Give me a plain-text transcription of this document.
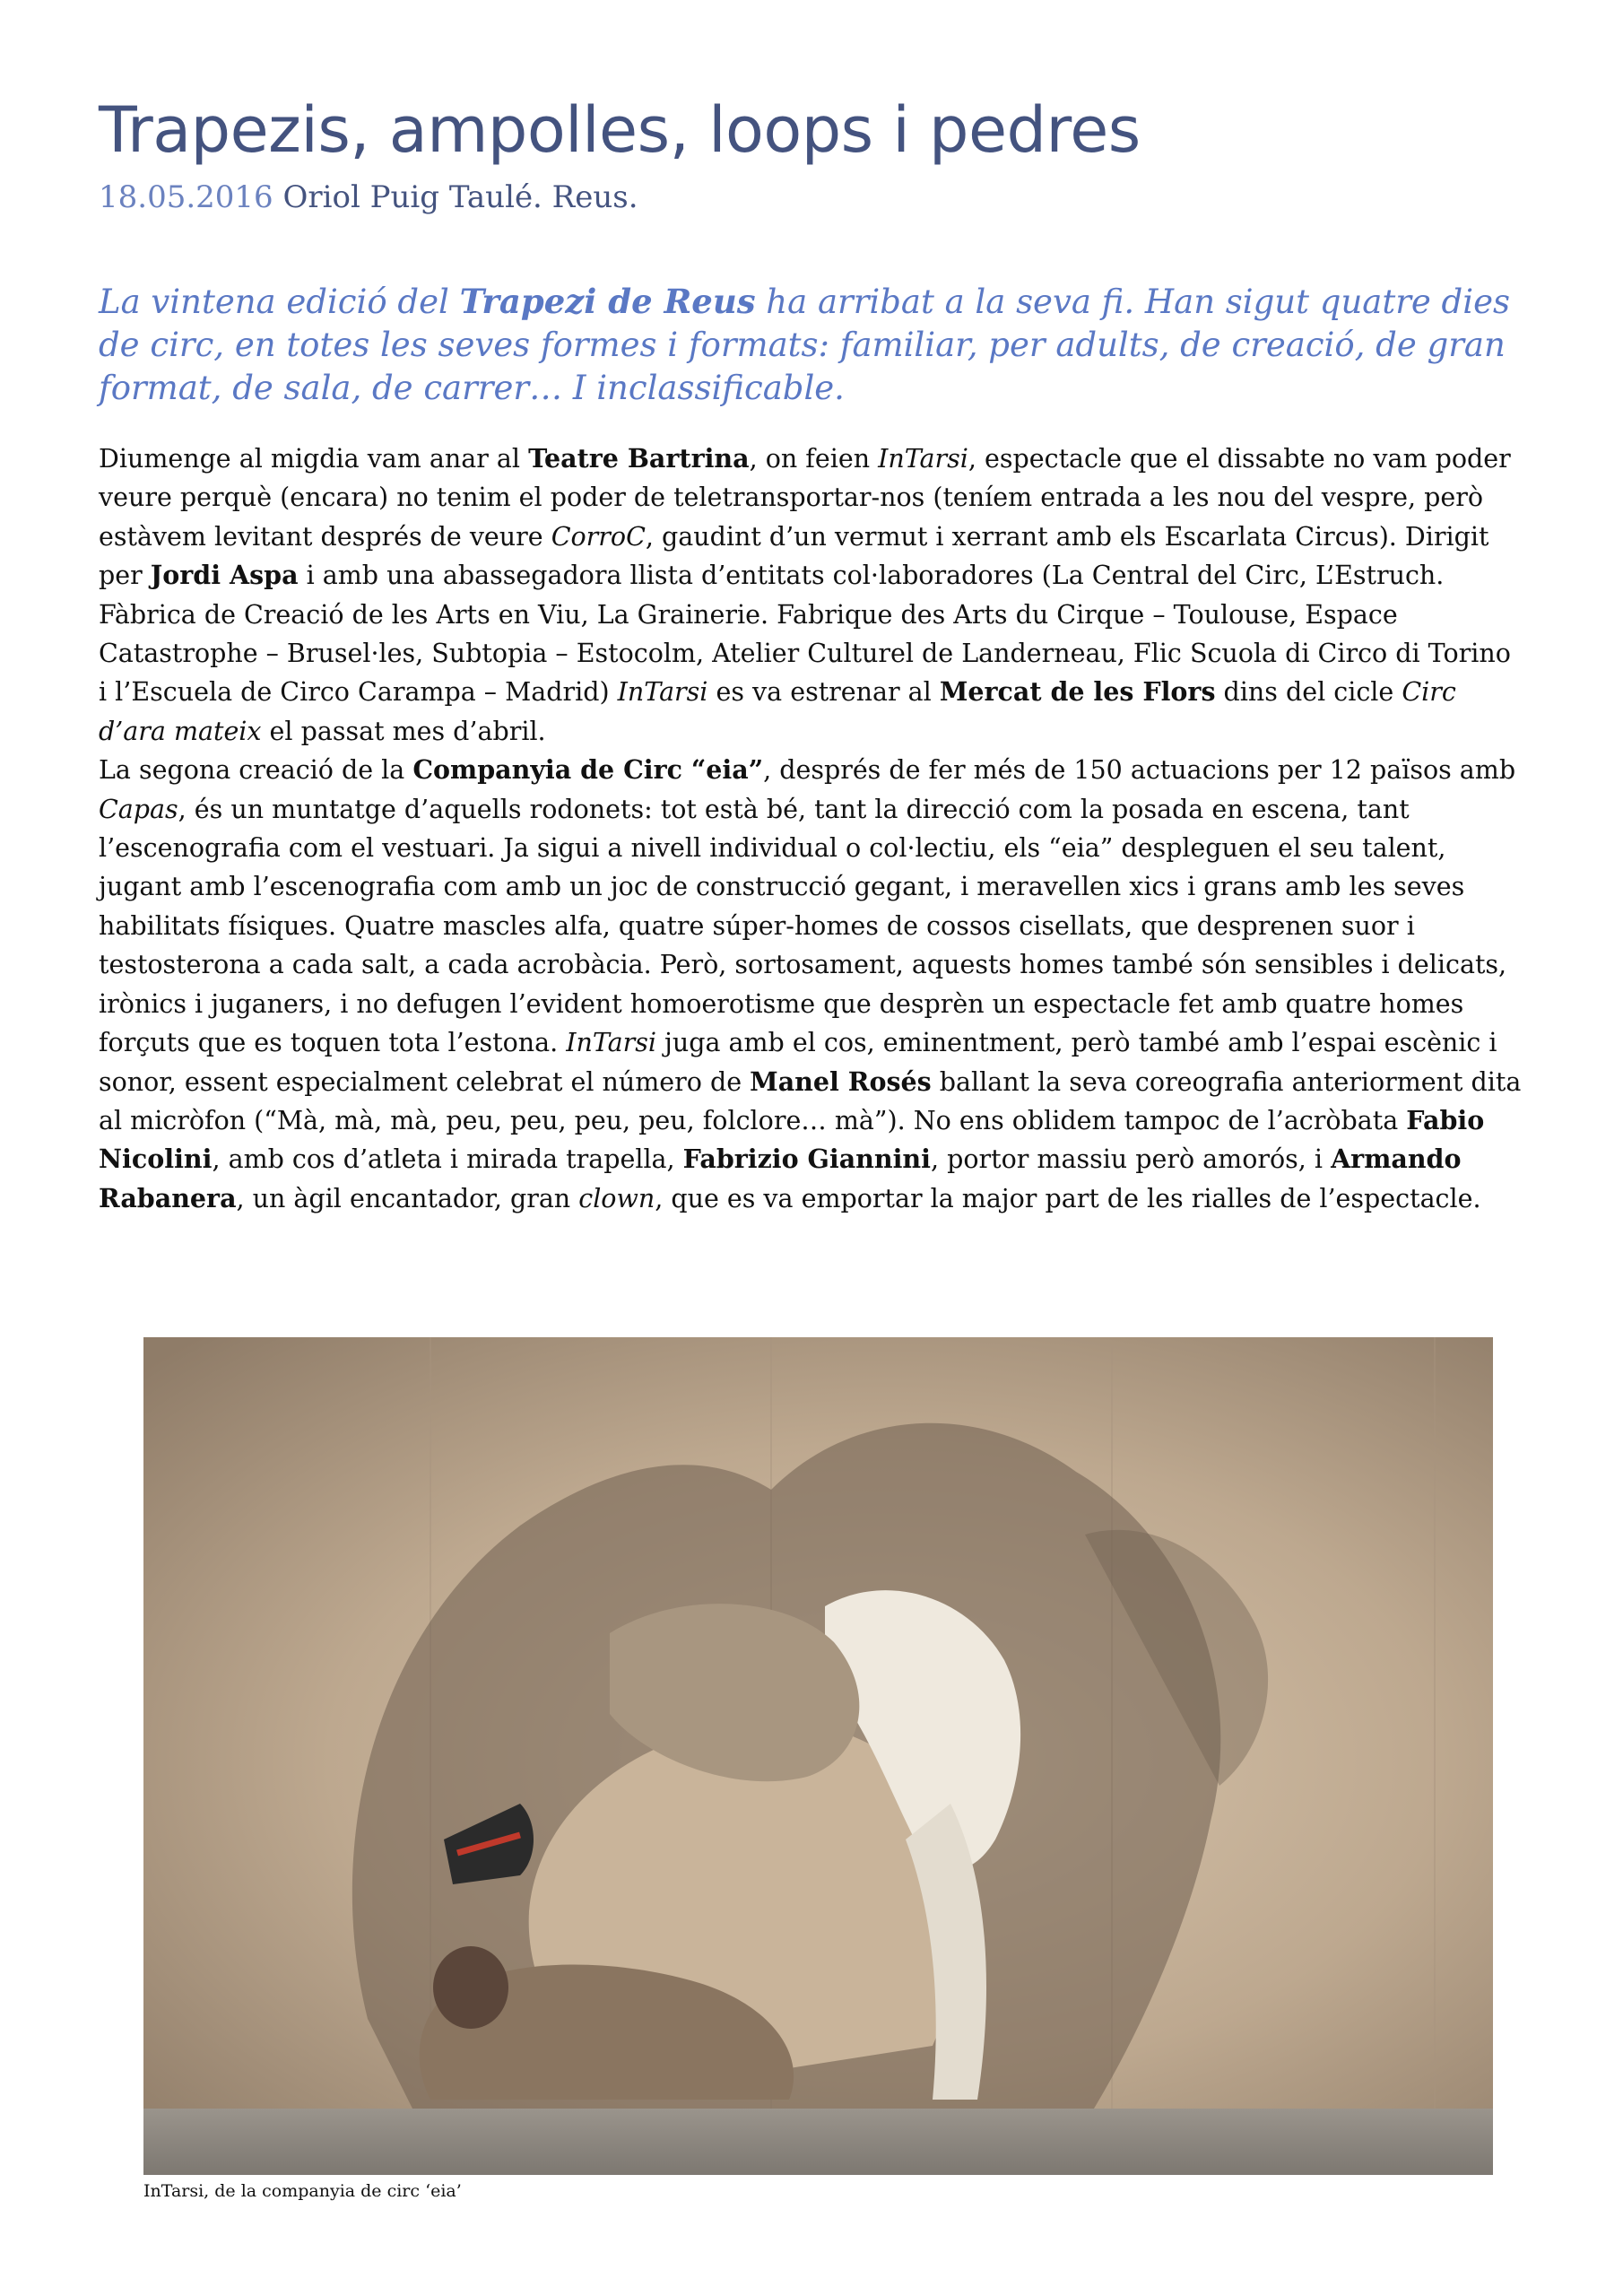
Trapezis, ampolles, loops i pedres
18.05.2016 Oriol Puig Taulé. Reus.

La vintena edició del Trapezi de Reus ha arribat a la seva fi. Han sigut quatre dies de circ, en totes les seves formes i formats: familiar, per adults, de creació, de gran format, de sala, de carrer… I inclassificable.

Diumenge al migdia vam anar al Teatre Bartrina, on feien InTarsi, espectacle que el dissabte no vam poder veure perquè (encara) no tenim el poder de teletransportar-nos (teníem entrada a les nou del vespre, però estàvem levitant després de veure CorroC, gaudint d’un vermut i xerrant amb els Escarlata Circus). Dirigit per Jordi Aspa i amb una abassegadora llista d’entitats col·laboradores (La Central del Circ, L’Estruch. Fàbrica de Creació de les Arts en Viu, La Grainerie. Fabrique des Arts du Cirque – Toulouse, Espace Catastrophe – Brusel·les, Subtopia – Estocolm, Atelier Culturel de Landerneau, Flic Scuola di Circo di Torino i l’Escuela de Circo Carampa – Madrid) InTarsi es va estrenar al Mercat de les Flors dins del cicle Circ d’ara mateix el passat mes d’abril.

La segona creació de la Companyia de Circ “eia”, després de fer més de 150 actuacions per 12 països amb Capas, és un muntatge d’aquells rodonets: tot està bé, tant la direcció com la posada en escena, tant l’escenografia com el vestuari. Ja sigui a nivell individual o col·lectiu, els “eia” despleguen el seu talent, jugant amb l’escenografia com amb un joc de construcció gegant, i meravellen xics i grans amb les seves habilitats físiques. Quatre mascles alfa, quatre súper-homes de cossos cisellats, que desprenen suor i testosterona a cada salt, a cada acrobàcia. Però, sortosament, aquests homes també són sensibles i delicats, irònics i juganers, i no defugen l’evident homoerotisme que desprèn un espectacle fet amb quatre homes forçuts que es toquen tota l’estona. InTarsi juga amb el cos, eminentment, però també amb l’espai escènic i sonor, essent especialment celebrat el número de Manel Rosés ballant la seva coreografia anteriorment dita al micròfon (“Mà, mà, mà, peu, peu, peu, peu, folclore… mà”). No ens oblidem tampoc de l’acròbata Fabio Nicolini, amb cos d’atleta i mirada trapella, Fabrizio Giannini, portor massiu però amorós, i Armando Rabanera, un àgil encantador, gran clown, que es va emportar la major part de les rialles de l’espectacle.

InTarsi, de la companyia de circ ‘eia’
